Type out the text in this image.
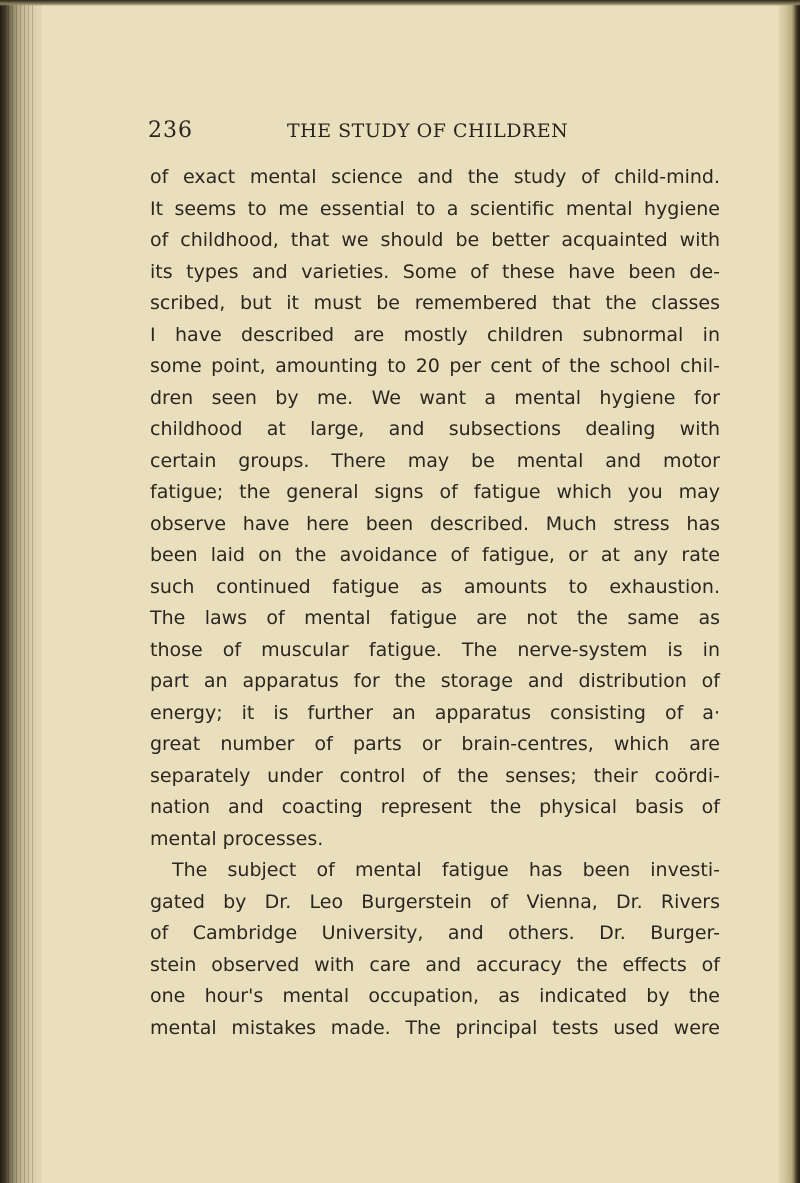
236	THE STUDY OF CHILDREN
of exact mental science and the study of child-mind.
It seems to me essential to a scientific mental hygiene
of childhood, that we should be better acquainted with
its types and varieties. Some of these have been de-
scribed, but it must be remembered that the classes
I have described are mostly children subnormal in
some point, amounting to 20 per cent of the school chil-
dren seen by me. We want a mental hygiene for
childhood at large, and subsections dealing with
certain groups. There may be mental and motor
fatigue; the general signs of fatigue which you may
observe have here been described. Much stress has
been laid on the avoidance of fatigue, or at any rate
such continued fatigue as amounts to exhaustion.
The laws of mental fatigue are not the same as
those of muscular fatigue. The nerve-system is in
part an apparatus for the storage and distribution of
energy; it is further an apparatus consisting of a·
great number of parts or brain-centres, which are
separately under control of the senses; their coördi-
nation and coacting represent the physical basis of
mental processes.
The subject of mental fatigue has been investi-
gated by Dr. Leo Burgerstein of Vienna, Dr. Rivers
of Cambridge University, and others. Dr. Burger-
stein observed with care and accuracy the effects of
one hour's mental occupation, as indicated by the
mental mistakes made. The principal tests used were
